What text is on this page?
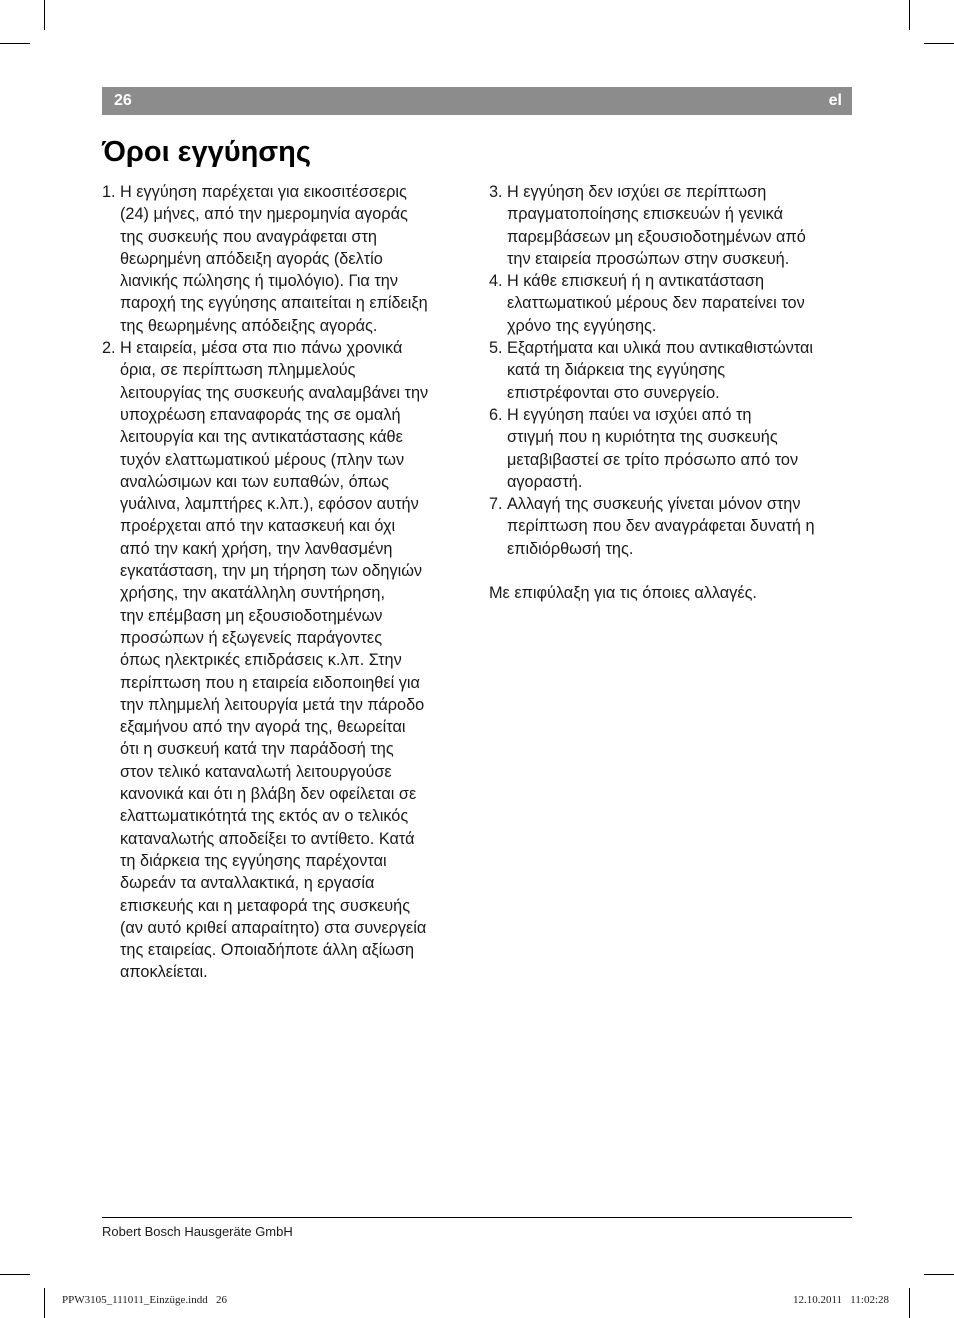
26	el
Όροι εγγύησης
1. Η εγγύηση παρέχεται για εικοσιτέσσερις
(24) μήνες, από την ημερομηνία αγοράς
της συσκευής που αναγράφεται στη
θεωρημένη απόδειξη αγοράς (δελτίο
λιανικής πώλησης ή τιμολόγιο). Για την
παροχή της εγγύησης απαιτείται η επίδειξη
της θεωρημένης απόδειξης αγοράς.
2. Η εταιρεία, μέσα στα πιο πάνω χρονικά
όρια, σε περίπτωση πλημμελούς
λειτουργίας της συσκευής αναλαμβάνει την
υποχρέωση επαναφοράς της σε ομαλή
λειτουργία και της αντικατάστασης κάθε
τυχόν ελαττωματικού μέρους (πλην των
αναλώσιμων και των ευπαθών, όπως
γυάλινα, λαμπτήρες κ.λπ.), εφόσον αυτήν
προέρχεται από την κατασκευή και όχι
από την κακή χρήση, την λανθασμένη
εγκατάσταση, την μη τήρηση των οδηγιών
χρήσης, την ακατάλληλη συντήρηση,
την επέμβαση μη εξουσιοδοτημένων
προσώπων ή εξωγενείς παράγοντες
όπως ηλεκτρικές επιδράσεις κ.λπ. Στην
περίπτωση που η εταιρεία ειδοποιηθεί για
την πλημμελή λειτουργία μετά την πάροδο
εξαμήνου από την αγορά της, θεωρείται
ότι η συσκευή κατά την παράδοσή της
στον τελικό καταναλωτή λειτουργούσε
κανονικά και ότι η βλάβη δεν οφείλεται σε
ελαττωματικότητά της εκτός αν ο τελικός
καταναλωτής αποδείξει το αντίθετο. Κατά
τη διάρκεια της εγγύησης παρέχονται
δωρεάν τα ανταλλακτικά, η εργασία
επισκευής και η μεταφορά της συσκευής
(αν αυτό κριθεί απαραίτητο) στα συνεργεία
της εταιρείας. Οποιαδήποτε άλλη αξίωση
αποκλείεται.
3. Η εγγύηση δεν ισχύει σε περίπτωση
πραγματοποίησης επισκευών ή γενικά
παρεμβάσεων μη εξουσιοδοτημένων από
την εταιρεία προσώπων στην συσκευή.
4. Η κάθε επισκευή ή η αντικατάσταση
ελαττωματικού μέρους δεν παρατείνει τον
χρόνο της εγγύησης.
5. Εξαρτήματα και υλικά που αντικαθιστώνται
κατά τη διάρκεια της εγγύησης
επιστρέφονται στο συνεργείο.
6. Η εγγύηση παύει να ισχύει από τη
στιγμή που η κυριότητα της συσκευής
μεταβιβαστεί σε τρίτο πρόσωπο από τον
αγοραστή.
7. Αλλαγή της συσκευής γίνεται μόνον στην
περίπτωση που δεν αναγράφεται δυνατή η
επιδιόρθωσή της.

Με επιφύλαξη για τις όποιες αλλαγές.

Robert Bosch Hausgeräte GmbH
PPW3105_111011_Einzüge.indd   26	12.10.2011   11:02:28
